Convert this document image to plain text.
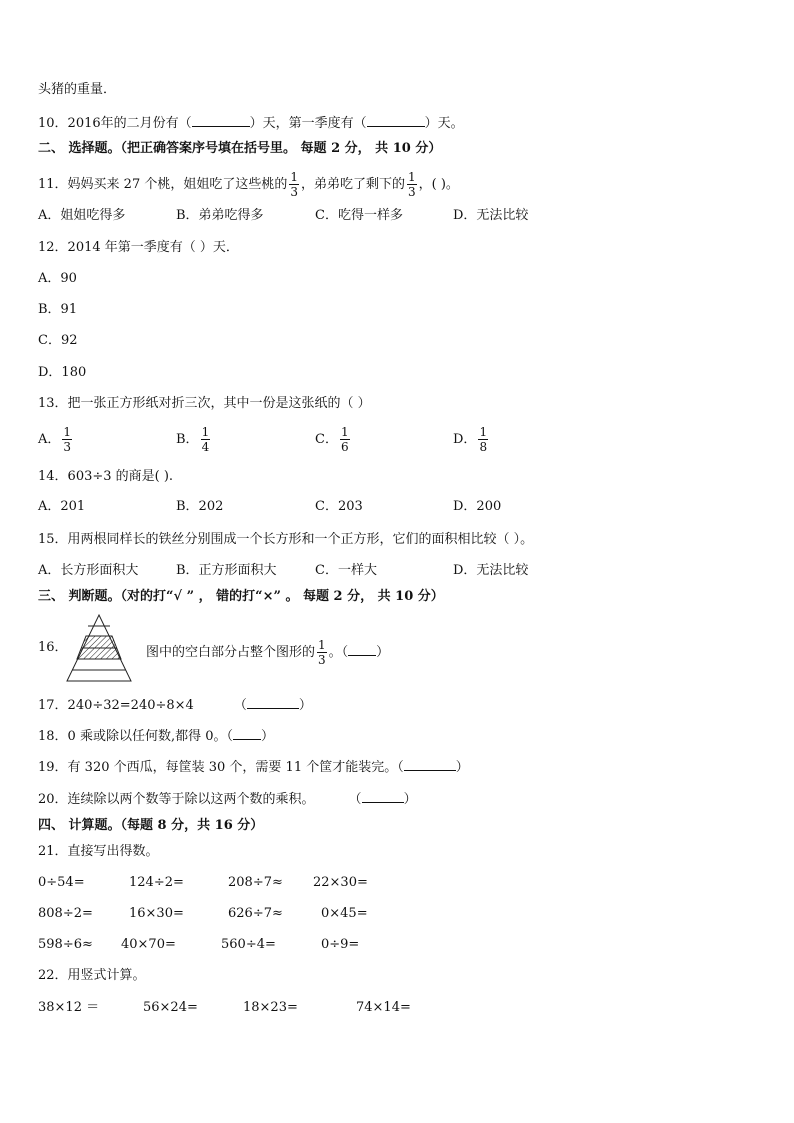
头猪的重量．
10．2016年的二月份有（	）天，第一季度有（	）天。
二、 选择题。（把正确答案序号填在括号里。 每题 2 分， 共 10 分）
11．妈妈买来 27 个桃，姐姐吃了这些桃的 $\frac{1}{3}$ ，弟弟吃了剩下的 $\frac{1}{3}$ ，( )。
A．姐姐吃得多	B．弟弟吃得多	C．吃得一样多	D．无法比较
12．2014 年第一季度有（ ）天．
A．90
B．91
C．92
D．180
13．把一张正方形纸对折三次，其中一份是这张纸的（ ）
A． $\frac{1}{3}$	B． $\frac{1}{4}$	C． $\frac{1}{6}$	D． $\frac{1}{8}$
14．603÷3 的商是( ).
A．201	B．202	C．203	D．200
15．用两根同样长的铁丝分别围成一个长方形和一个正方形，它们的面积相比较（ ）。
A．长方形面积大	B．正方形面积大	C．一样大	D．无法比较
三、 判断题。（对的打“√ ” ， 错的打“×” 。 每题 2 分， 共 10 分）
16．	图中的空白部分占整个图形的 $\frac{1}{3}$ 。（ ）
17．240÷32=240÷8×4	（	）
18．0 乘或除以任何数,都得 0。（ ）
19．有 320 个西瓜，每筐装 30 个，需要 11 个筐才能装完。（	）
20．连续除以两个数等于除以这两个数的乘积。	（	）
四、 计算题。（每题 8 分，共 16 分）
21．直接写出得数。
0÷54=	124÷2=	208÷7≈ 22×30=
808÷2=	16×30=	626÷7≈	0×45=
598÷6≈ 40×70=	560÷4=	0÷9=
22．用竖式计算。
38×12 ＝	56×24=	18×23=	74×14=
